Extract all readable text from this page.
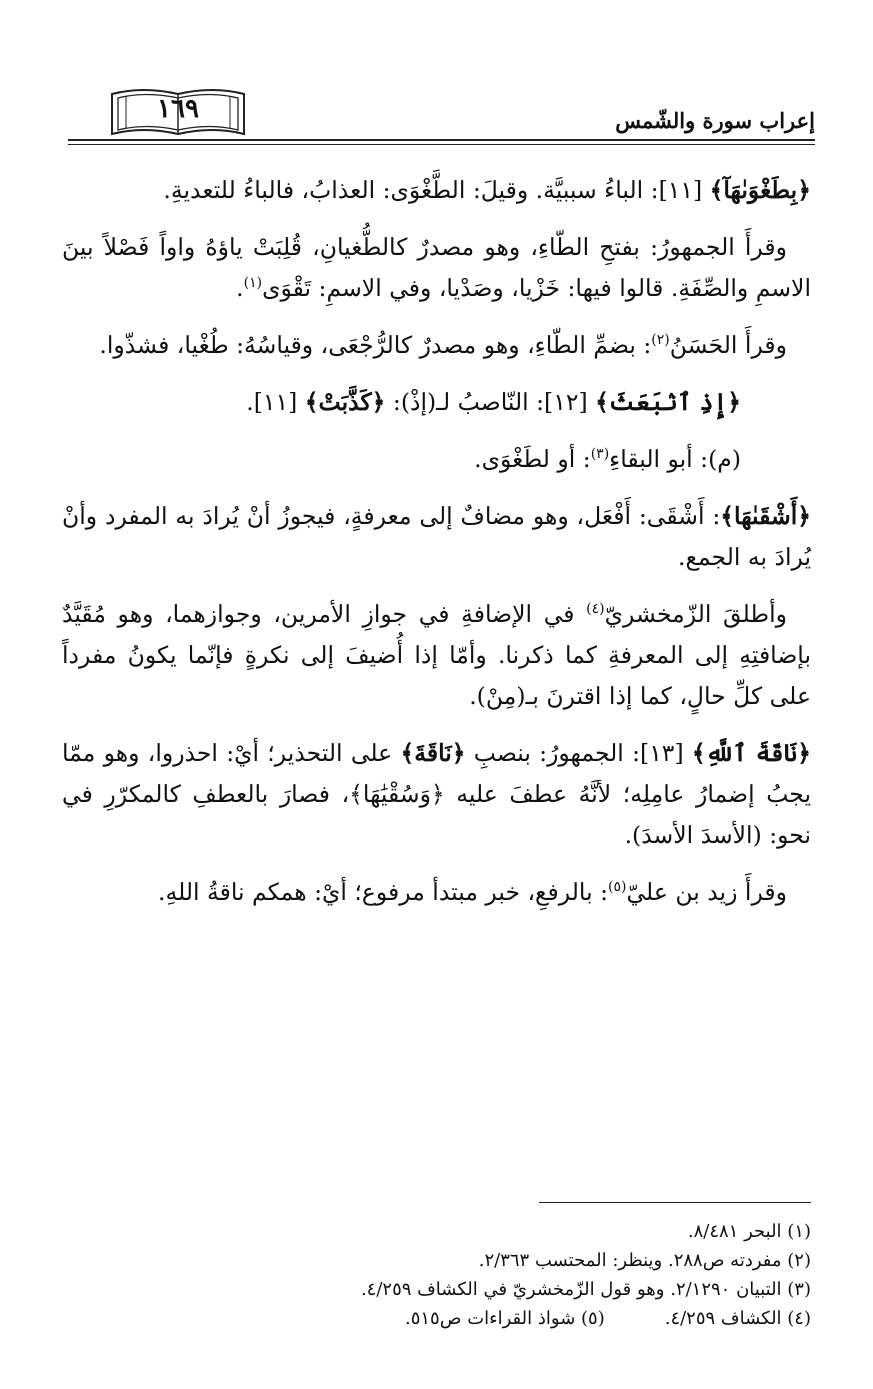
إعراب سورة والشّمس
١٦٩

﴿بِطَغْوَىٰهَآ﴾ [١١]: الباءُ سببيَّة. وقيلَ: الطَّغْوَى: العذابُ، فالباءُ للتعديةِ.

وقرأَ الجمهورُ: بفتحِ الطّاءِ، وهو مصدرٌ كالطُّغيانِ، قُلِبَتْ ياؤهُ واواً فَصْلاً بينَ الاسمِ والصِّفَةِ. قالوا فيها: خَزْيا، وصَدْيا، وفي الاسمِ: تَقْوَى$^{(١)}$.

وقرأَ الحَسَنُ$^{(٢)}$: بضمِّ الطّاءِ، وهو مصدرٌ كالرُّجْعَى، وقياسُهُ: طُغْيا، فشذّوا.

﴿إِذِ ٱنۢبَعَثَ﴾ [١٢]: النّاصبُ لـ(إذْ): ﴿كَذَّبَتْ﴾ [١١].

(م): أبو البقاءِ$^{(٣)}$: أو لطَغْوَى.

﴿أَشْقَىٰهَا﴾: أَشْقَى: أَفْعَل، وهو مضافٌ إلى معرفةٍ، فيجوزُ أنْ يُرادَ به المفرد وأنْ يُرادَ به الجمع.

وأطلقَ الزّمخشريّ$^{(٤)}$ في الإضافةِ في جوازِ الأمرين، وجوازهما، وهو مُقَيَّدٌ بإضافتِهِ إلى المعرفةِ كما ذكرنا. وأمّا إذا أُضيفَ إلى نكرةٍ فإنّما يكونُ مفرداً على كلِّ حالٍ، كما إذا اقترنَ بـ(مِنْ).

﴿نَاقَةَ ٱللَّهِ﴾ [١٣]: الجمهورُ: بنصبِ ﴿نَاقَةَ﴾ على التحذير؛ أيْ: احذروا، وهو ممّا يجبُ إضمارُ عامِلِه؛ لأنَّهُ عطفَ عليه ﴿وَسُقْيَٰهَا﴾، فصارَ بالعطفِ كالمكرّرِ في نحو: (الأسدَ الأسدَ).

وقرأَ زيد بن عليّ$^{(٥)}$: بالرفعِ، خبر مبتدأ مرفوع؛ أيْ: همكم ناقةُ اللهِ.

(١) البحر ٨/٤٨١.
(٢) مفردته ص٢٨٨. وينظر: المحتسب ٢/٣٦٣.
(٣) التبيان ٢/١٢٩٠. وهو قول الزّمخشريّ في الكشاف ٤/٢٥٩.
(٤) الكشاف ٤/٢٥٩.
(٥) شواذ القراءات ص٥١٥.
